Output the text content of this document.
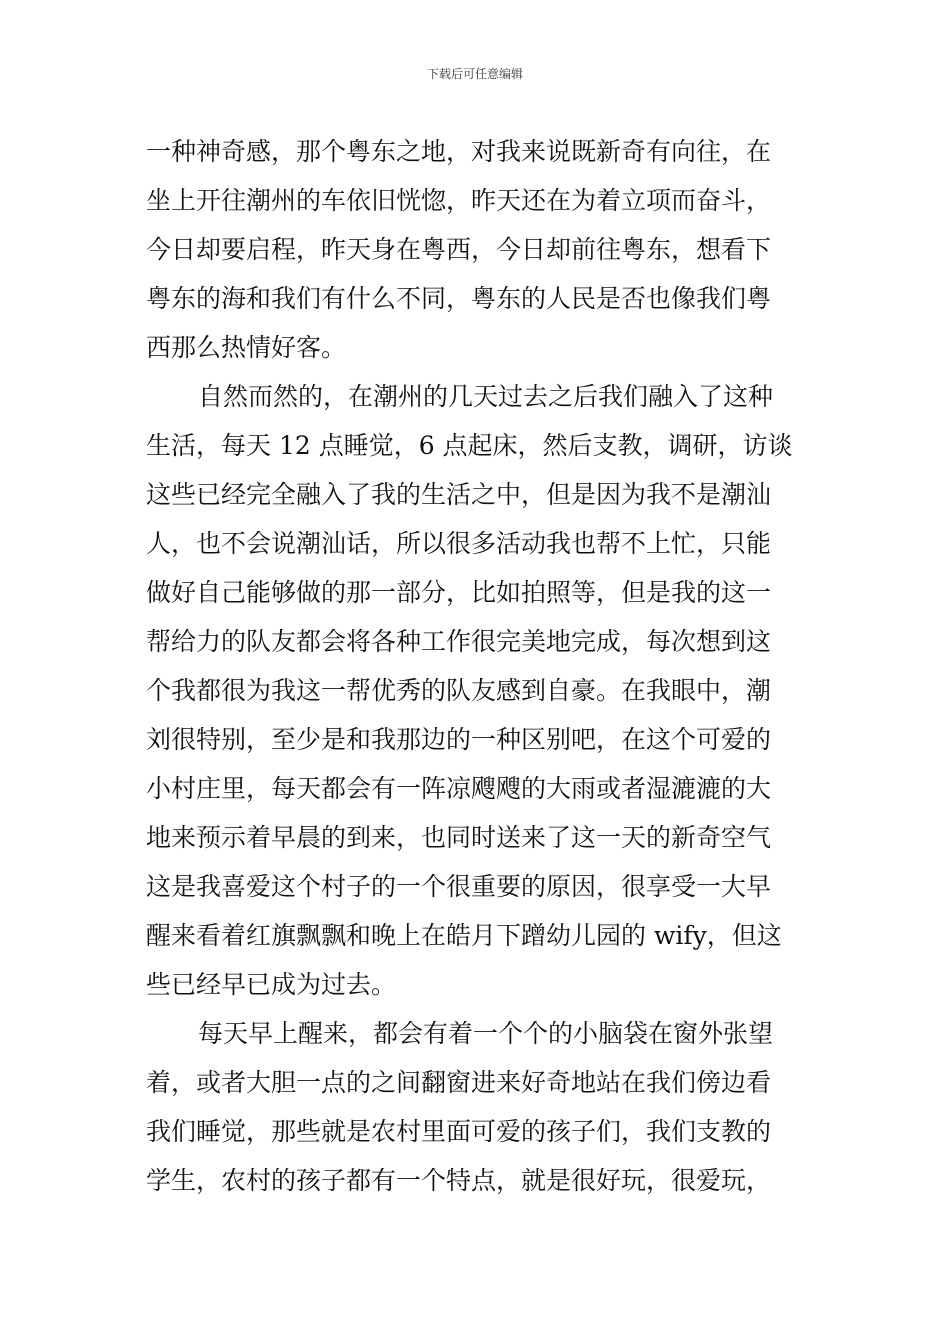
下载后可任意编辑
一种神奇感，那个粤东之地，对我来说既新奇有向往，在
坐上开往潮州的车依旧恍惚，昨天还在为着立项而奋斗，
今日却要启程，昨天身在粤西，今日却前往粤东，想看下
粤东的海和我们有什么不同，粤东的人民是否也像我们粤
西那么热情好客。
自然而然的，在潮州的几天过去之后我们融入了这种
生活，每天 12 点睡觉，6 点起床，然后支教，调研，访谈
这些已经完全融入了我的生活之中，但是因为我不是潮汕
人，也不会说潮汕话，所以很多活动我也帮不上忙，只能
做好自己能够做的那一部分，比如拍照等，但是我的这一
帮给力的队友都会将各种工作很完美地完成，每次想到这
个我都很为我这一帮优秀的队友感到自豪。在我眼中，潮
刘很特别，至少是和我那边的一种区别吧，在这个可爱的
小村庄里，每天都会有一阵凉飕飕的大雨或者湿漉漉的大
地来预示着早晨的到来，也同时送来了这一天的新奇空气
这是我喜爱这个村子的一个很重要的原因，很享受一大早
醒来看着红旗飘飘和晚上在皓月下蹭幼儿园的 wify，但这
些已经早已成为过去。
每天早上醒来，都会有着一个个的小脑袋在窗外张望
着，或者大胆一点的之间翻窗进来好奇地站在我们傍边看
我们睡觉，那些就是农村里面可爱的孩子们，我们支教的
学生，农村的孩子都有一个特点，就是很好玩，很爱玩，
